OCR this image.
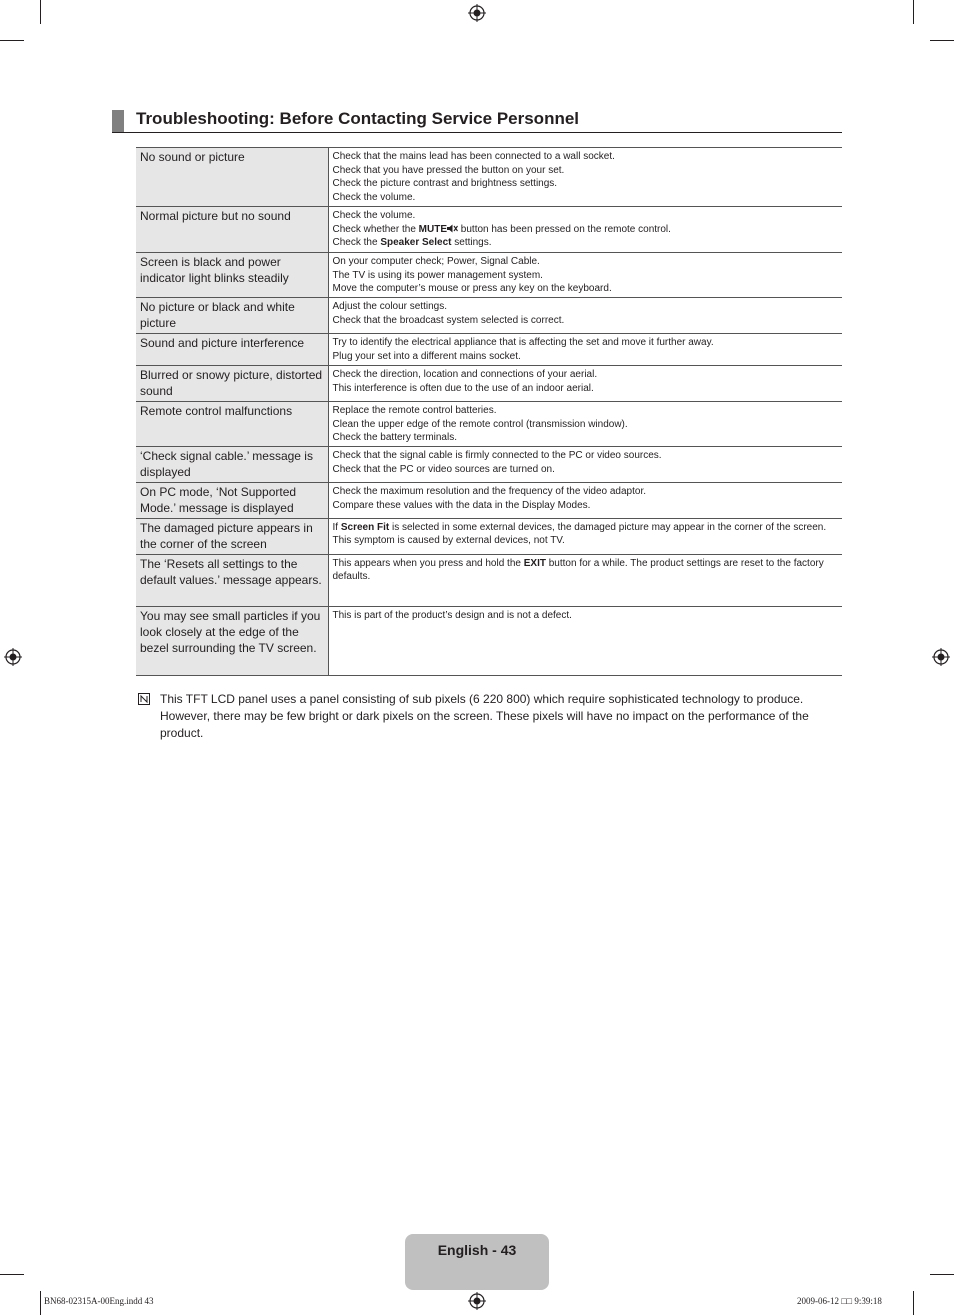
Troubleshooting: Before Contacting Service Personnel
No sound or picture	Check that the mains lead has been connected to a wall socket.
Check that you have pressed the button on your set.
Check the picture contrast and brightness settings.
Check the volume.

Normal picture but no sound	Check the volume.
Check whether the MUTE button has been pressed on the remote control.
Check the Speaker Select settings.

Screen is black and power indicator light blinks steadily	On your computer check; Power, Signal Cable.
The TV is using its power management system.
Move the computer’s mouse or press any key on the keyboard.

No picture or black and white picture	Adjust the colour settings.
Check that the broadcast system selected is correct.

Sound and picture interference	Try to identify the electrical appliance that is affecting the set and move it further away.
Plug your set into a different mains socket.

Blurred or snowy picture, distorted sound	Check the direction, location and connections of your aerial.
This interference is often due to the use of an indoor aerial.

Remote control malfunctions	Replace the remote control batteries.
Clean the upper edge of the remote control (transmission window).
Check the battery terminals.

‘Check signal cable.’ message is displayed	Check that the signal cable is firmly connected to the PC or video sources.
Check that the PC or video sources are turned on.

On PC mode, ‘Not Supported Mode.’ message is displayed	Check the maximum resolution and the frequency of the video adaptor.
Compare these values with the data in the Display Modes.

The damaged picture appears in the corner of the screen	If Screen Fit is selected in some external devices, the damaged picture may appear in the corner of the screen. This symptom is caused by external devices, not TV.
The ‘Resets all settings to the default values.’ message appears.	This appears when you press and hold the EXIT button for a while. The product settings are reset to the factory defaults.
You may see small particles if you look closely at the edge of the bezel surrounding the TV screen.	This is part of the product’s design and is not a defect.
This TFT LCD panel uses a panel consisting of sub pixels (6 220 800) which require sophisticated technology to produce. However, there may be few bright or dark pixels on the screen. These pixels will have no impact on the performance of the product.
English - 43
BN68-02315A-00Eng.indd 43	2009-06-12 □□ 9:39:18
